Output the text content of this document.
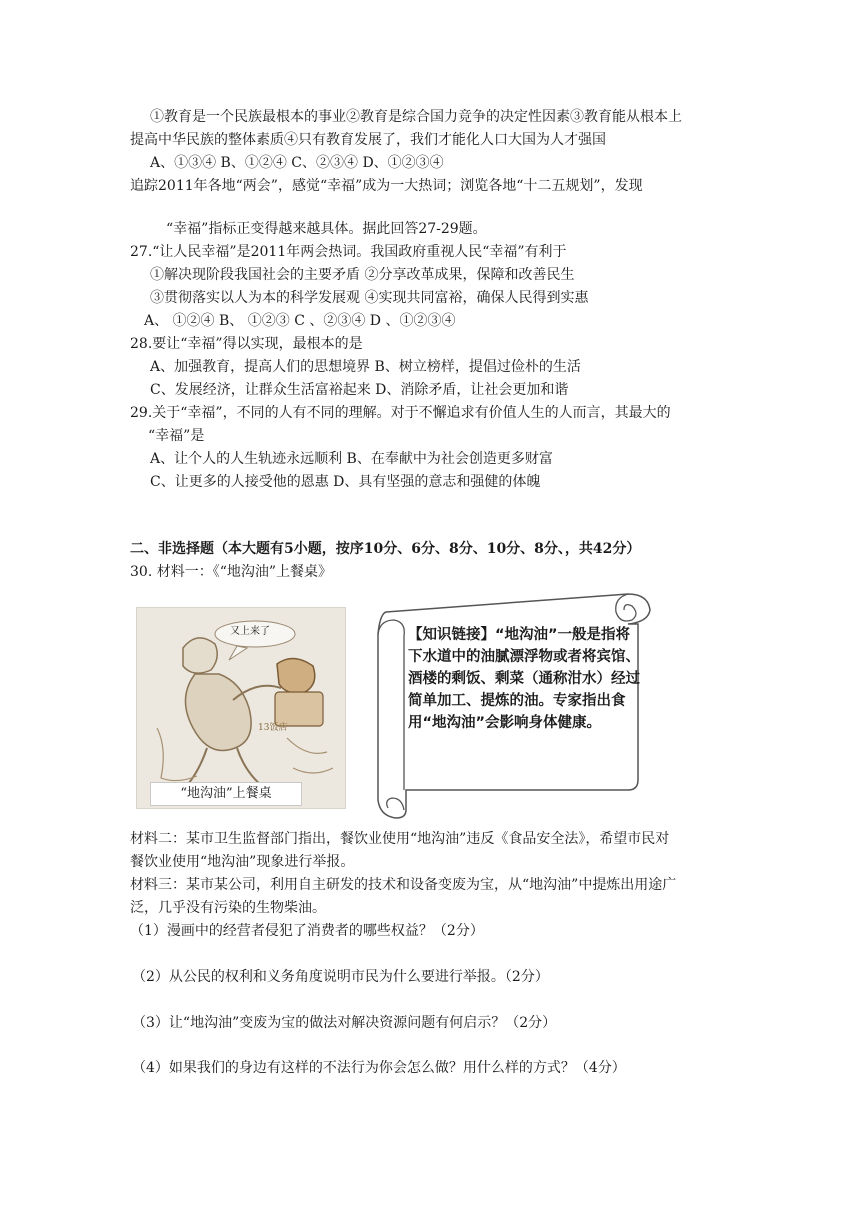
①教育是一个民族最根本的事业②教育是综合国力竞争的决定性因素③教育能从根本上
提高中华民族的整体素质④只有教育发展了，我们才能化人口大国为人才强国
A、①③④ B、①②④ C、②③④ D、①②③④
追踪2011年各地“两会”，感觉“幸福”成为一大热词；浏览各地“十二五规划”，发现
“幸福”指标正变得越来越具体。据此回答27-29题。
27.“让人民幸福”是2011年两会热词。我国政府重视人民“幸福”有利于
①解决现阶段我国社会的主要矛盾 ②分享改革成果，保障和改善民生
③贯彻落实以人为本的科学发展观 ④实现共同富裕，确保人民得到实惠
A、 ①②④ B、 ①②③ C 、②③④ D 、①②③④
28.要让“幸福”得以实现，最根本的是
A、加强教育，提高人们的思想境界 B、树立榜样，提倡过俭朴的生活
C、发展经济，让群众生活富裕起来 D、消除矛盾，让社会更加和谐
29.关于“幸福”，不同的人有不同的理解。对于不懈追求有价值人生的人而言，其最大的
“幸福”是
A、让个人的人生轨迹永远顺利 B、在奉献中为社会创造更多财富
C、让更多的人接受他的恩惠 D、具有坚强的意志和强健的体魄
二、非选择题（本大题有5小题，按序10分、6分、8分、10分、8分、，共42分）
30. 材料一：《“地沟油”上餐桌》
又上来了
13饭店
“地沟油”上餐桌
【知识链接】“地沟油”一般是指将下水道中的油腻漂浮物或者将宾馆、酒楼的剩饭、剩菜（通称泔水）经过简单加工、提炼的油。专家指出食用“地沟油”会影响身体健康。
材料二：某市卫生监督部门指出，餐饮业使用“地沟油”违反《食品安全法》，希望市民对
餐饮业使用“地沟油”现象进行举报。
材料三：某市某公司，利用自主研发的技术和设备变废为宝，从“地沟油”中提炼出用途广
泛，几乎没有污染的生物柴油。
（1）漫画中的经营者侵犯了消费者的哪些权益？（2分）
（2）从公民的权利和义务角度说明市民为什么要进行举报。（2分）
（3）让“地沟油”变废为宝的做法对解决资源问题有何启示？（2分）
（4）如果我们的身边有这样的不法行为你会怎么做？用什么样的方式？（4分）
